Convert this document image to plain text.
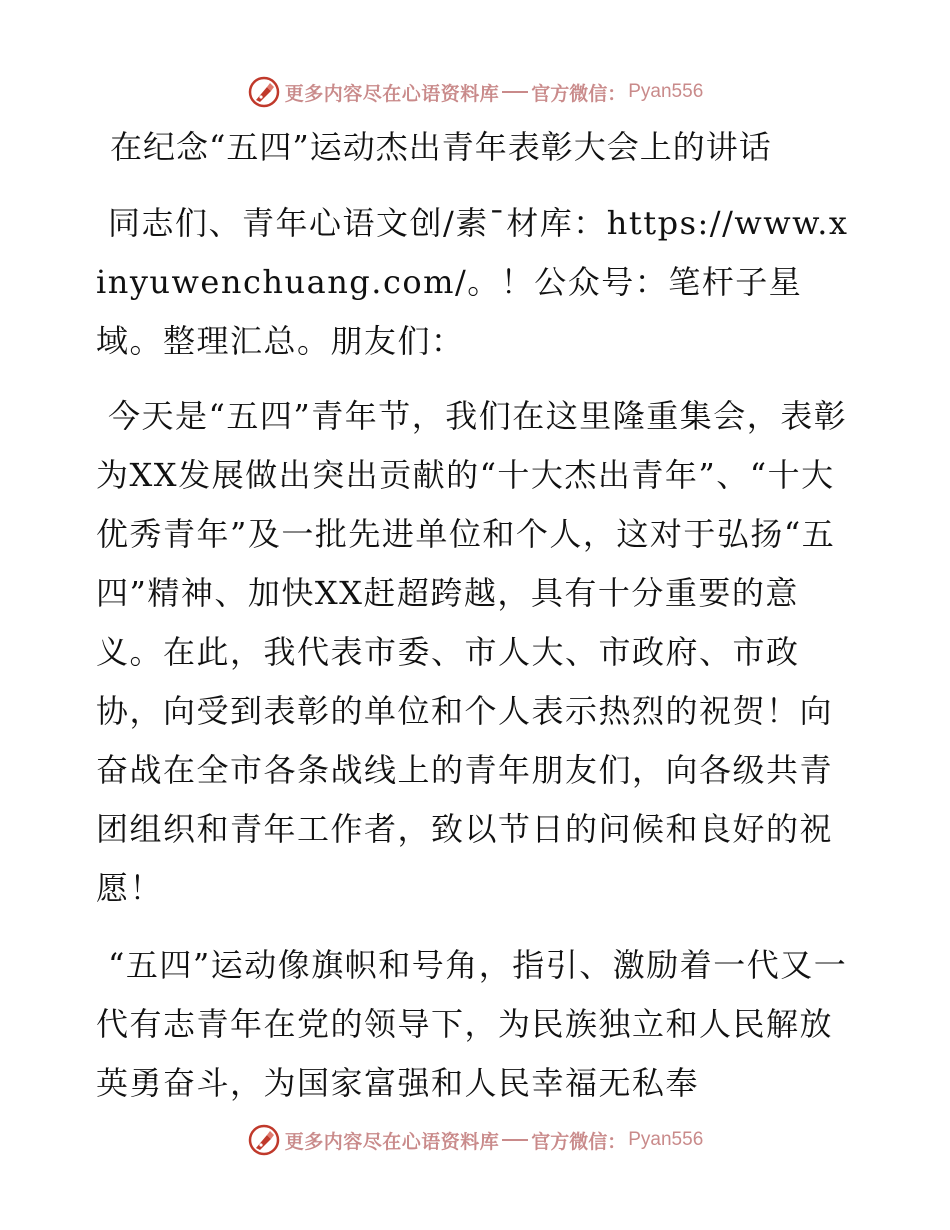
更多内容尽在心语资料库 官方微信： Pyan556
在纪念“五四”运动杰出青年表彰大会上的讲话

同志们、青年心语文创/素¯材库：https://www.xinyuwenchuang.com/。！公众号：笔杆子星域。整理汇总。朋友们：

今天是“五四”青年节，我们在这里隆重集会，表彰为XX发展做出突出贡献的“十大杰出青年”、“十大优秀青年”及一批先进单位和个人，这对于弘扬“五四”精神、加快XX赶超跨越，具有十分重要的意义。在此，我代表市委、市人大、市政府、市政协，向受到表彰的单位和个人表示热烈的祝贺！向奋战在全市各条战线上的青年朋友们，向各级共青团组织和青年工作者，致以节日的问候和良好的祝愿！

“五四”运动像旗帜和号角，指引、激励着一代又一代有志青年在党的领导下，为民族独立和人民解放英勇奋斗，为国家富强和人民幸福无私奉

更多内容尽在心语资料库 官方微信： Pyan556
